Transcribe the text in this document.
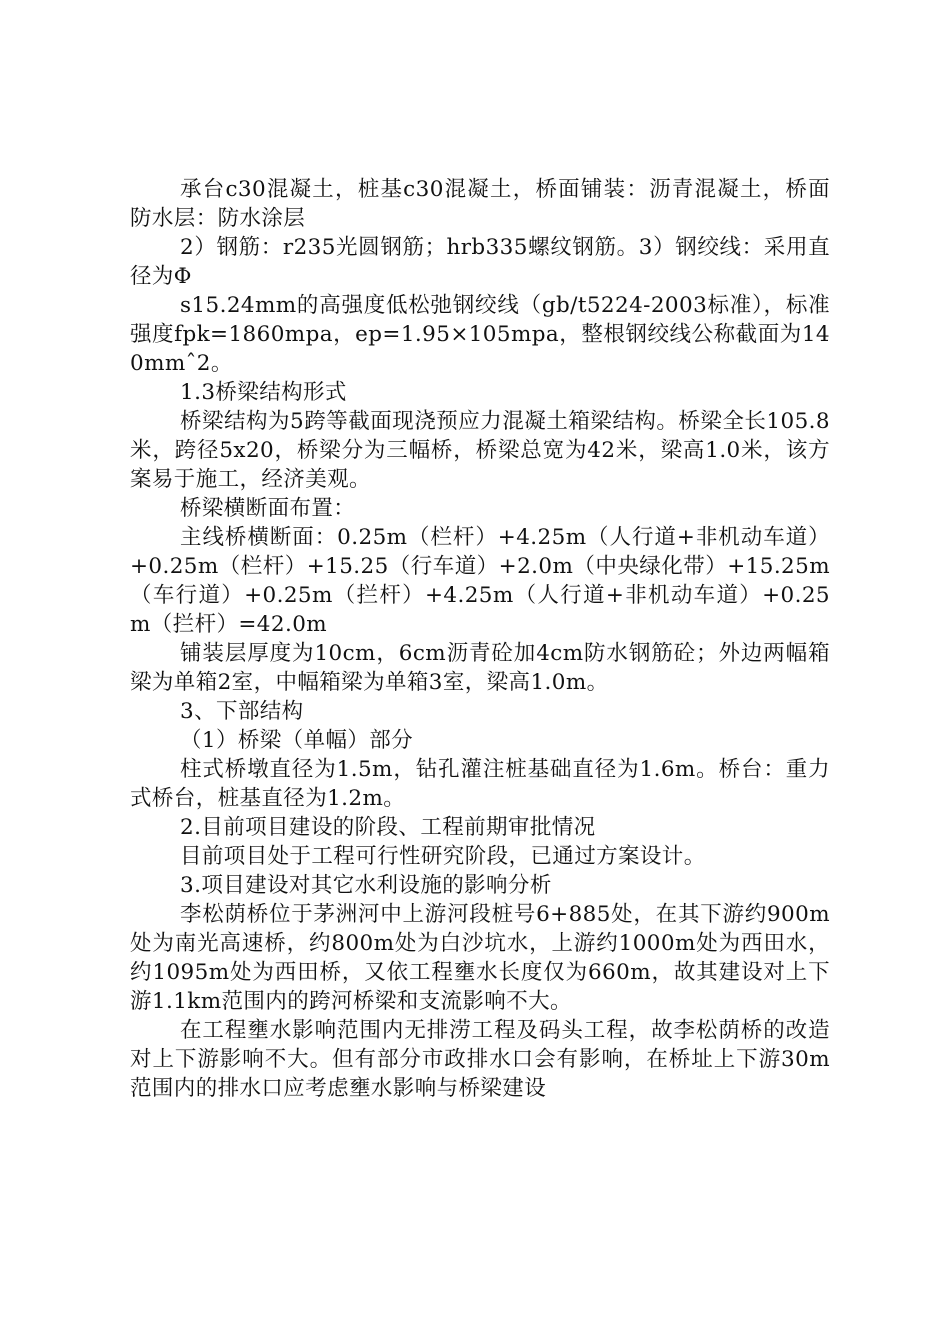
承台c30混凝土，桩基c30混凝土，桥面铺装：沥青混凝土，桥面防水层：防水涂层

2）钢筋：r235光圆钢筋；hrb335螺纹钢筋。3）钢绞线：采用直径为Φ

s15.24mm的高强度低松弛钢绞线（gb/t5224-2003标准），标准强度fpk=1860mpa，ep=1.95×105mpa，整根钢绞线公称截面为140mmˆ2。

1.3桥梁结构形式

桥梁结构为5跨等截面现浇预应力混凝土箱梁结构。桥梁全长105.8米，跨径5x20，桥梁分为三幅桥，桥梁总宽为42米，梁高1.0米，该方案易于施工，经济美观。

桥梁横断面布置：

主线桥横断面：0.25m（栏杆）+4.25m（人行道+非机动车道）+0.25m（栏杆）+15.25（行车道）+2.0m（中央绿化带）+15.25m（车行道）+0.25m（拦杆）+4.25m（人行道+非机动车道）+0.25m（拦杆）=42.0m

铺装层厚度为10cm，6cm沥青砼加4cm防水钢筋砼；外边两幅箱梁为单箱2室，中幅箱梁为单箱3室，梁高1.0m。

3、下部结构

（1）桥梁（单幅）部分

柱式桥墩直径为1.5m，钻孔灌注桩基础直径为1.6m。桥台：重力式桥台，桩基直径为1.2m。

2.目前项目建设的阶段、工程前期审批情况

目前项目处于工程可行性研究阶段，已通过方案设计。

3.项目建设对其它水利设施的影响分析

李松荫桥位于茅洲河中上游河段桩号6+885处，在其下游约900m处为南光高速桥，约800m处为白沙坑水，上游约1000m处为西田水，约1095m处为西田桥，又依工程壅水长度仅为660m，故其建设对上下游1.1km范围内的跨河桥梁和支流影响不大。

在工程壅水影响范围内无排涝工程及码头工程，故李松荫桥的改造对上下游影响不大。但有部分市政排水口会有影响，在桥址上下游30m范围内的排水口应考虑壅水影响与桥梁建设
